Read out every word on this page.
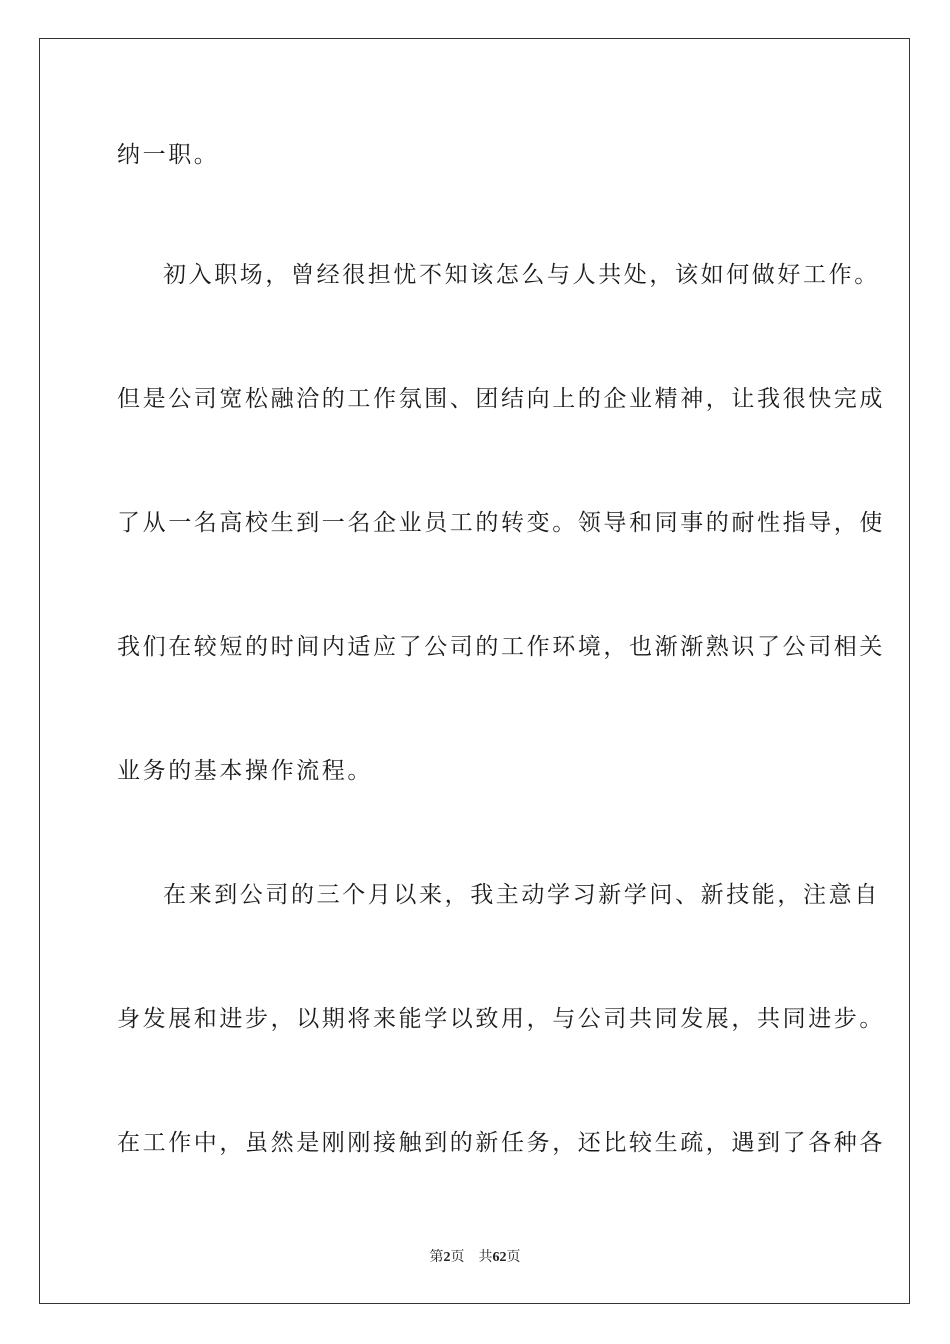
纳一职。
初入职场，曾经很担忧不知该怎么与人共处，该如何做好工作。
但是公司宽松融洽的工作氛围、团结向上的企业精神，让我很快完成
了从一名高校生到一名企业员工的转变。领导和同事的耐性指导，使
我们在较短的时间内适应了公司的工作环境，也渐渐熟识了公司相关
业务的基本操作流程。
在来到公司的三个月以来，我主动学习新学问、新技能，注意自
身发展和进步，以期将来能学以致用，与公司共同发展，共同进步。
在工作中，虽然是刚刚接触到的新任务，还比较生疏，遇到了各种各
第2页 共62页
